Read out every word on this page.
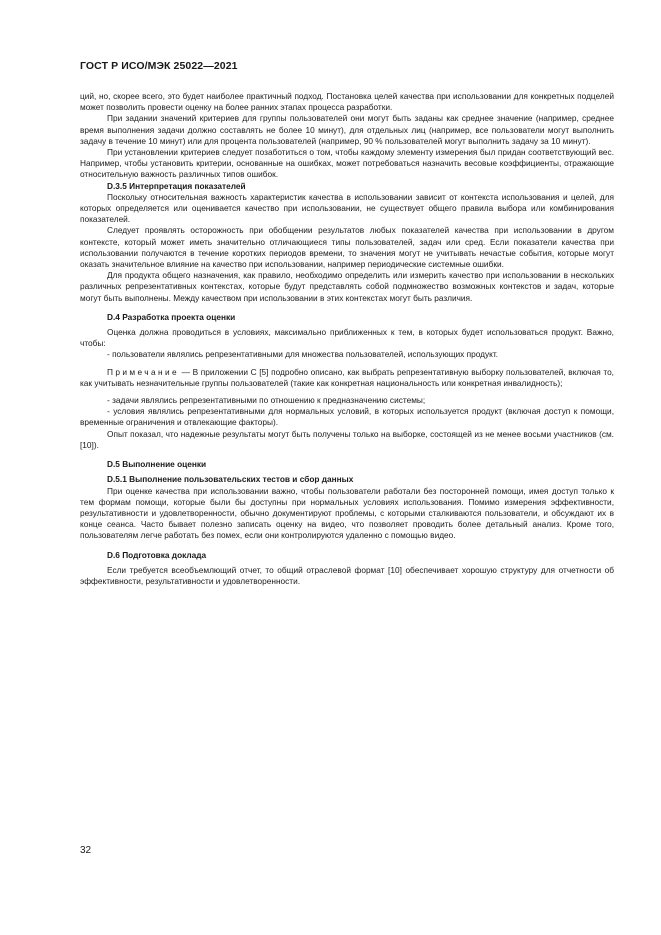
ГОСТ Р ИСО/МЭК 25022—2021

ций, но, скорее всего, это будет наиболее практичный подход. Постановка целей качества при использовании для конкретных подцелей может позволить провести оценку на более ранних этапах процесса разработки.

При задании значений критериев для группы пользователей они могут быть заданы как среднее значение (например, среднее время выполнения задачи должно составлять не более 10 минут), для отдельных лиц (например, все пользователи могут выполнить задачу в течение 10 минут) или для процента пользователей (например, 90 % пользователей могут выполнить задачу за 10 минут).

При установлении критериев следует позаботиться о том, чтобы каждому элементу измерения был придан соответствующий вес. Например, чтобы установить критерии, основанные на ошибках, может потребоваться назначить весовые коэффициенты, отражающие относительную важность различных типов ошибок.

D.3.5 Интерпретация показателей

Поскольку относительная важность характеристик качества в использовании зависит от контекста использования и целей, для которых определяется или оценивается качество при использовании, не существует общего правила выбора или комбинирования показателей.

Следует проявлять осторожность при обобщении результатов любых показателей качества при использовании в другом контексте, который может иметь значительно отличающиеся типы пользователей, задач или сред. Если показатели качества при использовании получаются в течение коротких периодов времени, то значения могут не учитывать нечастые события, которые могут оказать значительное влияние на качество при использовании, например периодические системные ошибки.

Для продукта общего назначения, как правило, необходимо определить или измерить качество при использовании в нескольких различных репрезентативных контекстах, которые будут представлять собой подмножество возможных контекстов и задач, которые могут быть выполнены. Между качеством при использовании в этих контекстах могут быть различия.

D.4 Разработка проекта оценки

Оценка должна проводиться в условиях, максимально приближенных к тем, в которых будет использоваться продукт. Важно, чтобы:

- пользователи являлись репрезентативными для множества пользователей, использующих продукт.

Примечание — В приложении С [5] подробно описано, как выбрать репрезентативную выборку пользователей, включая то, как учитывать незначительные группы пользователей (такие как конкретная национальность или конкретная инвалидность);

- задачи являлись репрезентативными по отношению к предназначению системы;

- условия являлись репрезентативными для нормальных условий, в которых используется продукт (включая доступ к помощи, временные ограничения и отвлекающие факторы).

Опыт показал, что надежные результаты могут быть получены только на выборке, состоящей из не менее восьми участников (см. [10]).

D.5 Выполнение оценки

D.5.1 Выполнение пользовательских тестов и сбор данных

При оценке качества при использовании важно, чтобы пользователи работали без посторонней помощи, имея доступ только к тем формам помощи, которые были бы доступны при нормальных условиях использования. Помимо измерения эффективности, результативности и удовлетворенности, обычно документируют проблемы, с которыми сталкиваются пользователи, и обсуждают их в конце сеанса. Часто бывает полезно записать оценку на видео, что позволяет проводить более детальный анализ. Кроме того, пользователям легче работать без помех, если они контролируются удаленно с помощью видео.

D.6 Подготовка доклада

Если требуется всеобъемлющий отчет, то общий отраслевой формат [10] обеспечивает хорошую структуру для отчетности об эффективности, результативности и удовлетворенности.

32
